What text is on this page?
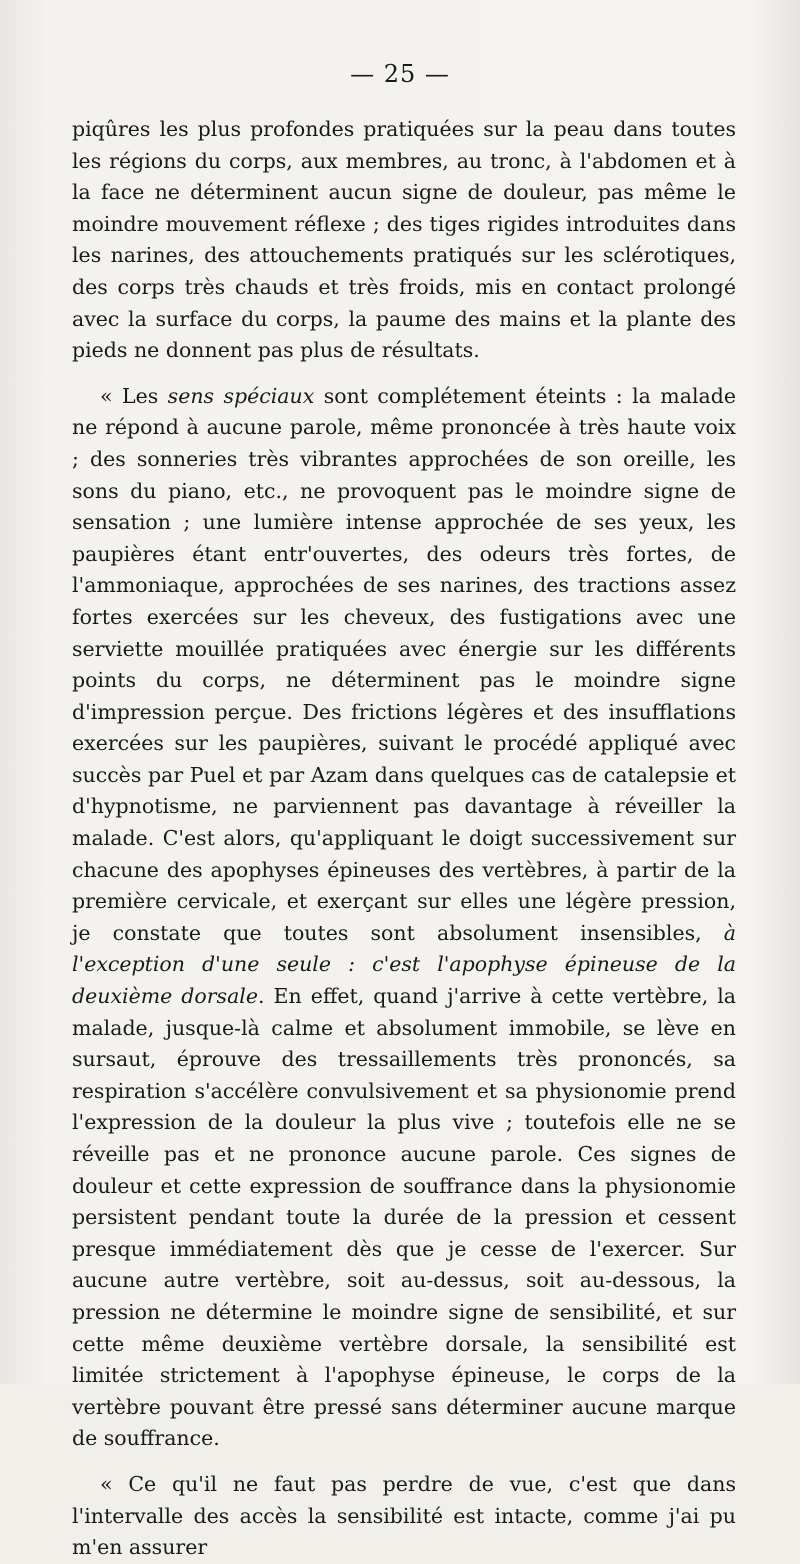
— 25 —

piqûres les plus profondes pratiquées sur la peau dans toutes les régions du corps, aux membres, au tronc, à l'abdomen et à la face ne déterminent aucun signe de douleur, pas même le moindre mouvement réflexe ; des tiges rigides introduites dans les narines, des attouchements pratiqués sur les sclérotiques, des corps très chauds et très froids, mis en contact prolongé avec la surface du corps, la paume des mains et la plante des pieds ne donnent pas plus de résultats.

« Les sens spéciaux sont complétement éteints : la malade ne répond à aucune parole, même prononcée à très haute voix ; des sonneries très vibrantes approchées de son oreille, les sons du piano, etc., ne provoquent pas le moindre signe de sensation ; une lumière intense approchée de ses yeux, les paupières étant entr'ouvertes, des odeurs très fortes, de l'ammoniaque, approchées de ses narines, des tractions assez fortes exercées sur les cheveux, des fustigations avec une serviette mouillée pratiquées avec énergie sur les différents points du corps, ne déterminent pas le moindre signe d'impression perçue. Des frictions légères et des insufflations exercées sur les paupières, suivant le procédé appliqué avec succès par Puel et par Azam dans quelques cas de catalepsie et d'hypnotisme, ne parviennent pas davantage à réveiller la malade. C'est alors, qu'appliquant le doigt successivement sur chacune des apophyses épineuses des vertèbres, à partir de la première cervicale, et exerçant sur elles une légère pression, je constate que toutes sont absolument insensibles, à l'exception d'une seule : c'est l'apophyse épineuse de la deuxième dorsale. En effet, quand j'arrive à cette vertèbre, la malade, jusque-là calme et absolument immobile, se lève en sursaut, éprouve des tressaillements très prononcés, sa respiration s'accélère convulsivement et sa physionomie prend l'expression de la douleur la plus vive ; toutefois elle ne se réveille pas et ne prononce aucune parole. Ces signes de douleur et cette expression de souffrance dans la physionomie persistent pendant toute la durée de la pression et cessent presque immédiatement dès que je cesse de l'exercer. Sur aucune autre vertèbre, soit au-dessus, soit au-dessous, la pression ne détermine le moindre signe de sensibilité, et sur cette même deuxième vertèbre dorsale, la sensibilité est limitée strictement à l'apophyse épineuse, le corps de la vertèbre pouvant être pressé sans déterminer aucune marque de souffrance.

« Ce qu'il ne faut pas perdre de vue, c'est que dans l'intervalle des accès la sensibilité est intacte, comme j'ai pu m'en assurer
